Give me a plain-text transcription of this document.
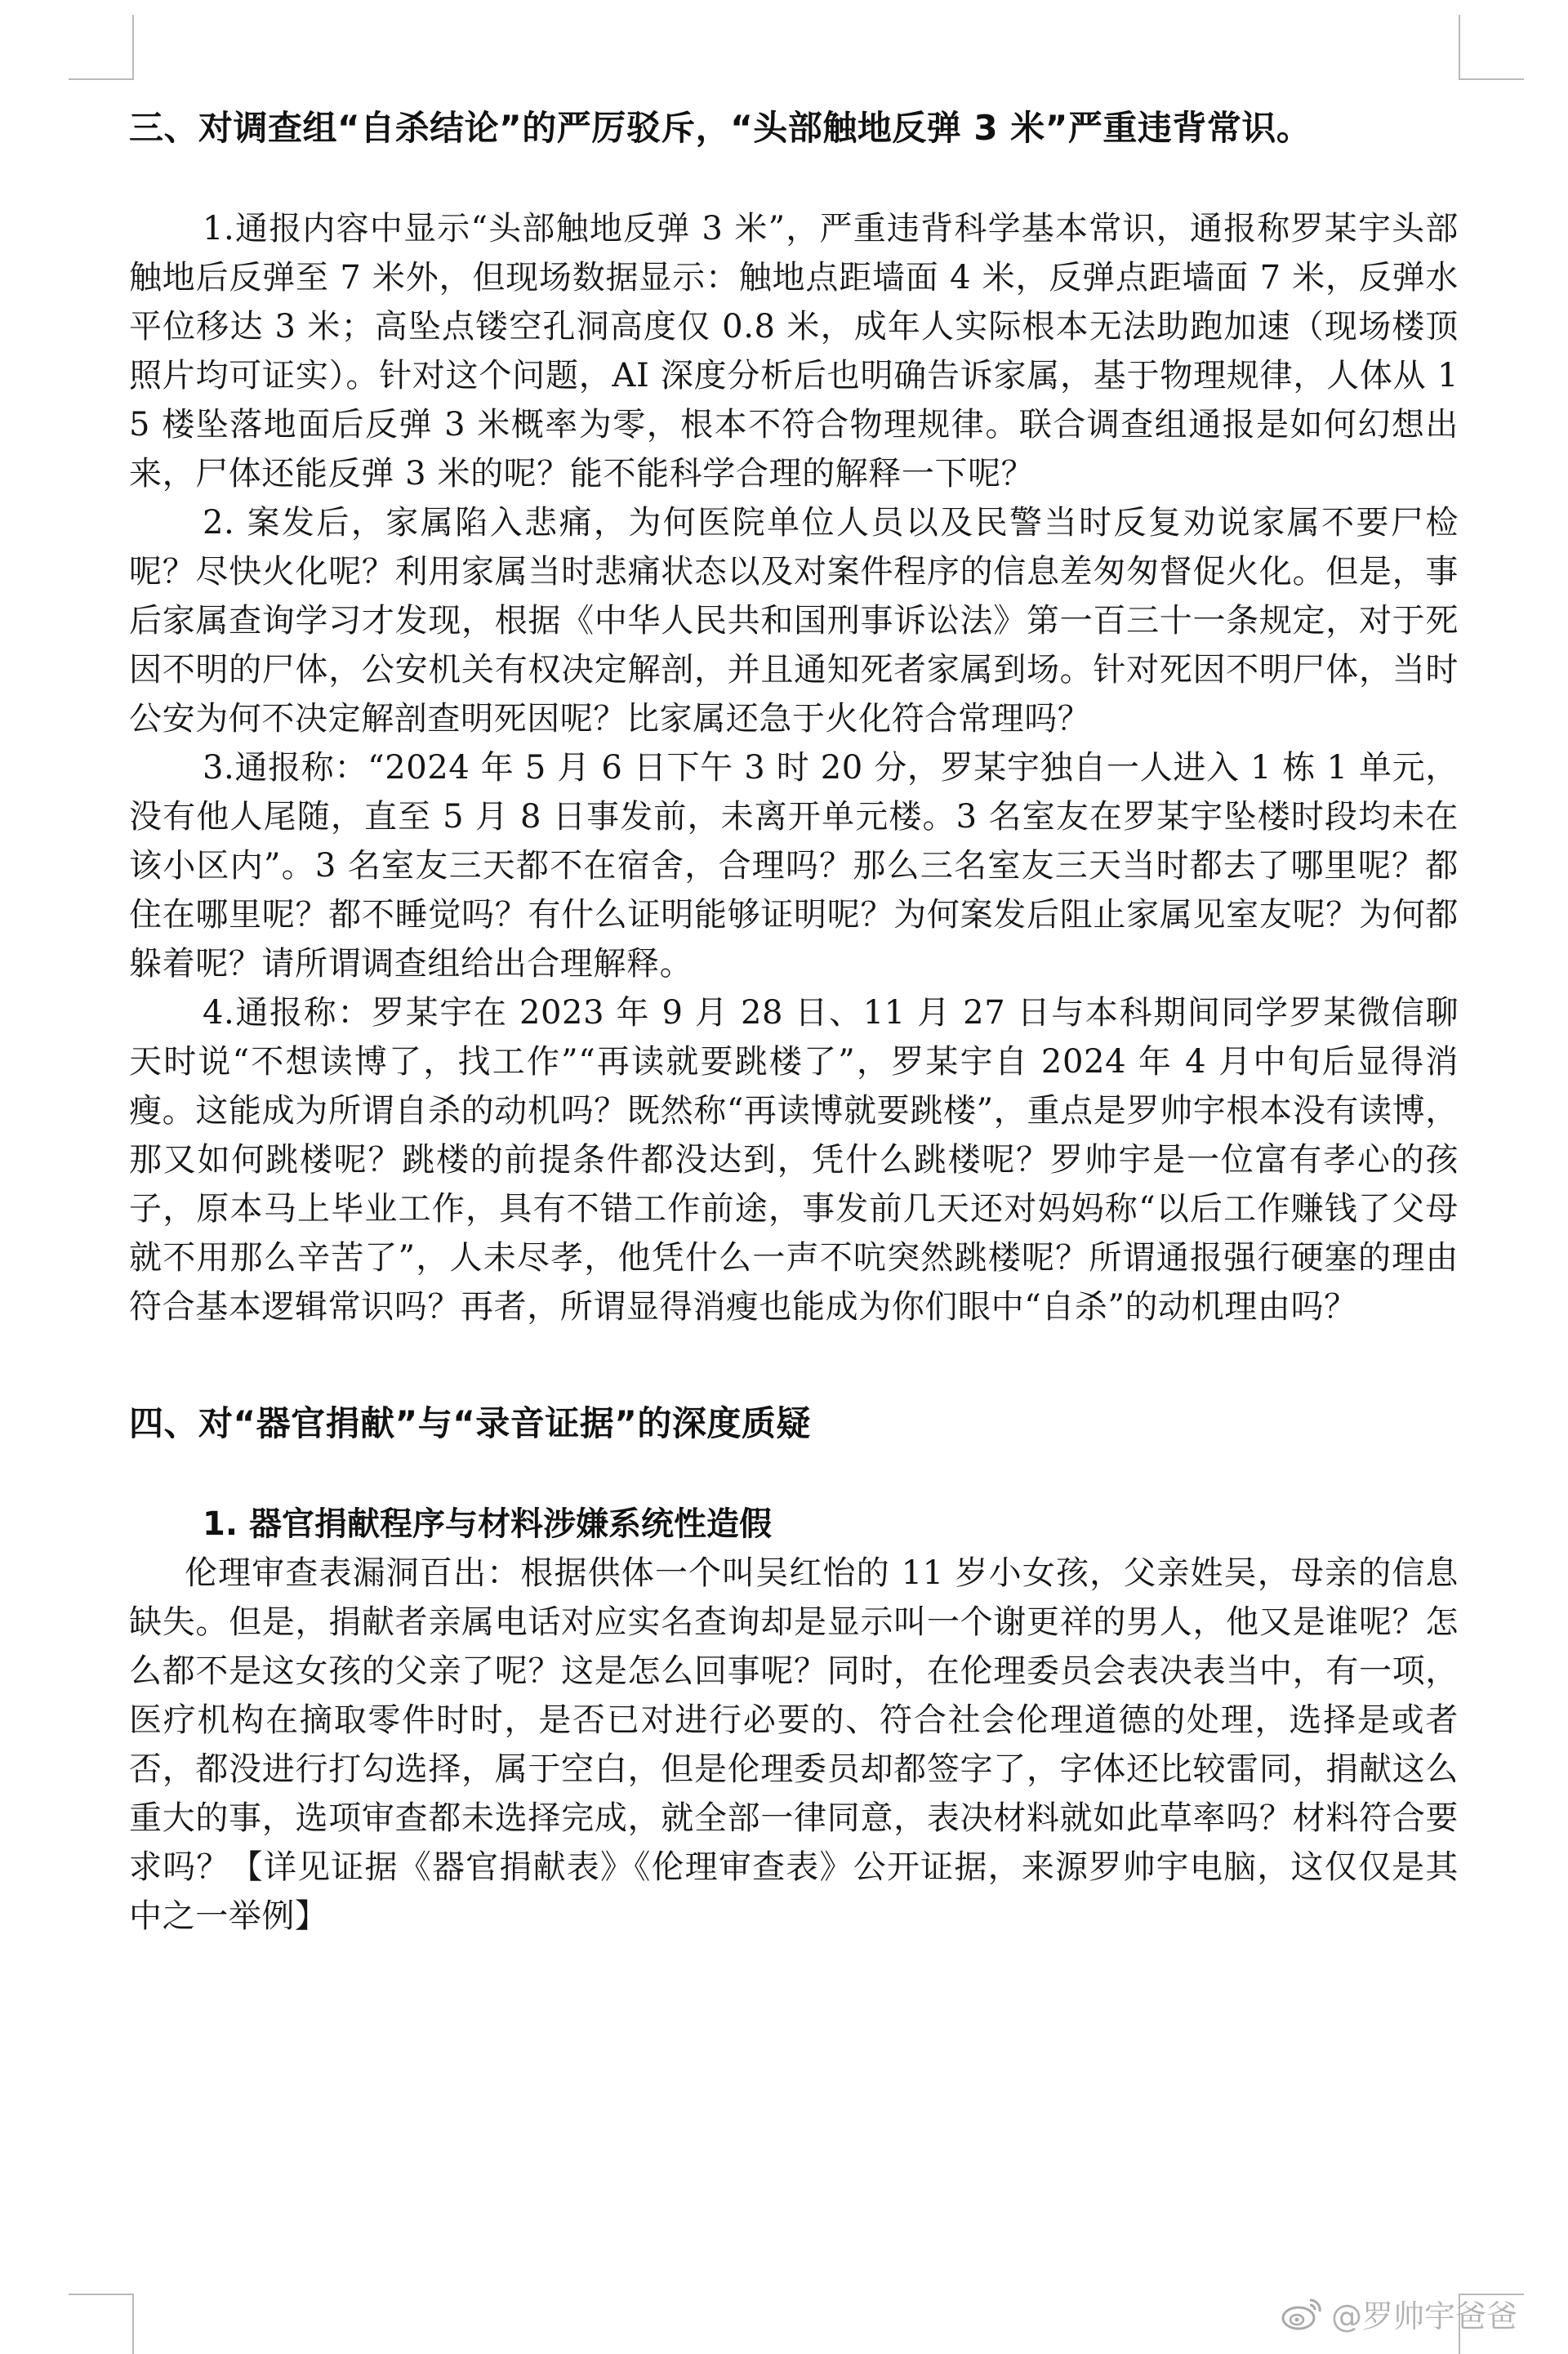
三、对调查组“自杀结论”的严厉驳斥，“头部触地反弹 3 米”严重违背常识。

1.通报内容中显示“头部触地反弹 3 米”，严重违背科学基本常识，通报称罗某宇头部触地后反弹至 7 米外，但现场数据显示：触地点距墙面 4 米，反弹点距墙面 7 米，反弹水平位移达 3 米；高坠点镂空孔洞高度仅 0.8 米，成年人实际根本无法助跑加速（现场楼顶照片均可证实）。针对这个问题，AI 深度分析后也明确告诉家属，基于物理规律，人体从 15 楼坠落地面后反弹 3 米概率为零，根本不符合物理规律。联合调查组通报是如何幻想出来，尸体还能反弹 3 米的呢？能不能科学合理的解释一下呢？

2. 案发后，家属陷入悲痛，为何医院单位人员以及民警当时反复劝说家属不要尸检呢？尽快火化呢？利用家属当时悲痛状态以及对案件程序的信息差匆匆督促火化。但是，事后家属查询学习才发现，根据《中华人民共和国刑事诉讼法》第一百三十一条规定，对于死因不明的尸体，公安机关有权决定解剖，并且通知死者家属到场。针对死因不明尸体，当时公安为何不决定解剖查明死因呢？比家属还急于火化符合常理吗？

3.通报称：“2024 年 5 月 6 日下午 3 时 20 分，罗某宇独自一人进入 1 栋 1 单元，没有他人尾随，直至 5 月 8 日事发前，未离开单元楼。3 名室友在罗某宇坠楼时段均未在该小区内”。3 名室友三天都不在宿舍，合理吗？那么三名室友三天当时都去了哪里呢？都住在哪里呢？都不睡觉吗？有什么证明能够证明呢？为何案发后阻止家属见室友呢？为何都躲着呢？请所谓调查组给出合理解释。

4.通报称：罗某宇在 2023 年 9 月 28 日、11 月 27 日与本科期间同学罗某微信聊天时说“不想读博了，找工作”“再读就要跳楼了”，罗某宇自 2024 年 4 月中旬后显得消瘦。这能成为所谓自杀的动机吗？既然称“再读博就要跳楼”，重点是罗帅宇根本没有读博，那又如何跳楼呢？跳楼的前提条件都没达到，凭什么跳楼呢？罗帅宇是一位富有孝心的孩子，原本马上毕业工作，具有不错工作前途，事发前几天还对妈妈称“以后工作赚钱了父母就不用那么辛苦了”，人未尽孝，他凭什么一声不吭突然跳楼呢？所谓通报强行硬塞的理由符合基本逻辑常识吗？再者，所谓显得消瘦也能成为你们眼中“自杀”的动机理由吗？

四、对“器官捐献”与“录音证据”的深度质疑
1. 器官捐献程序与材料涉嫌系统性造假

伦理审查表漏洞百出：根据供体一个叫吴红怡的 11 岁小女孩，父亲姓吴，母亲的信息缺失。但是，捐献者亲属电话对应实名查询却是显示叫一个谢更祥的男人，他又是谁呢？怎么都不是这女孩的父亲了呢？这是怎么回事呢？同时，在伦理委员会表决表当中，有一项，医疗机构在摘取零件时时，是否已对进行必要的、符合社会伦理道德的处理，选择是或者否，都没进行打勾选择，属于空白，但是伦理委员却都签字了，字体还比较雷同，捐献这么重大的事，选项审查都未选择完成，就全部一律同意，表决材料就如此草率吗？材料符合要求吗？【详见证据《器官捐献表》《伦理审查表》公开证据，来源罗帅宇电脑，这仅仅是其中之一举例】

@罗帅宇爸爸
